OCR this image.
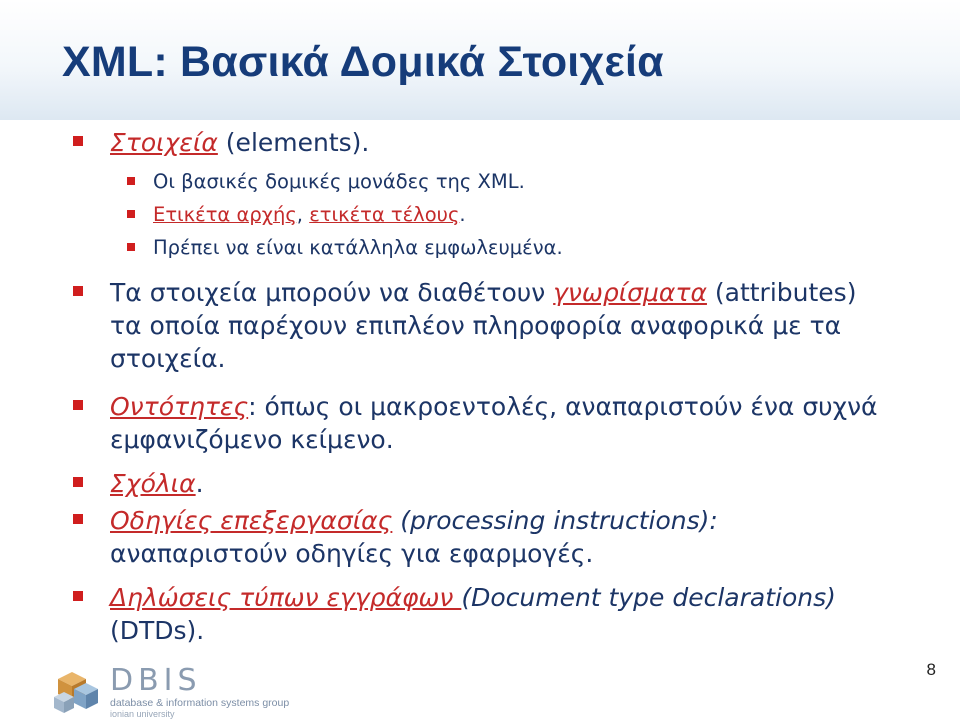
XML: Βασικά Δομικά Στοιχεία
Στοιχεία (elements).
Οι βασικές δομικές μονάδες της XML.
Ετικέτα αρχής, ετικέτα τέλους.
Πρέπει να είναι κατάλληλα εμφωλευμένα.
Τα στοιχεία μπορούν να διαθέτουν γνωρίσματα (attributes)
τα οποία παρέχουν επιπλέον πληροφορία αναφορικά με τα
στοιχεία.
Οντότητες: όπως οι μακροεντολές, αναπαριστούν ένα συχνά
εμφανιζόμενο κείμενο.
Σχόλια.
Οδηγίες επεξεργασίας (processing instructions):
αναπαριστούν οδηγίες για εφαρμογές.
Δηλώσεις τύπων εγγράφων (Document type declarations)
(DTDs).
DBIS
database & information systems group
ionian university
8
